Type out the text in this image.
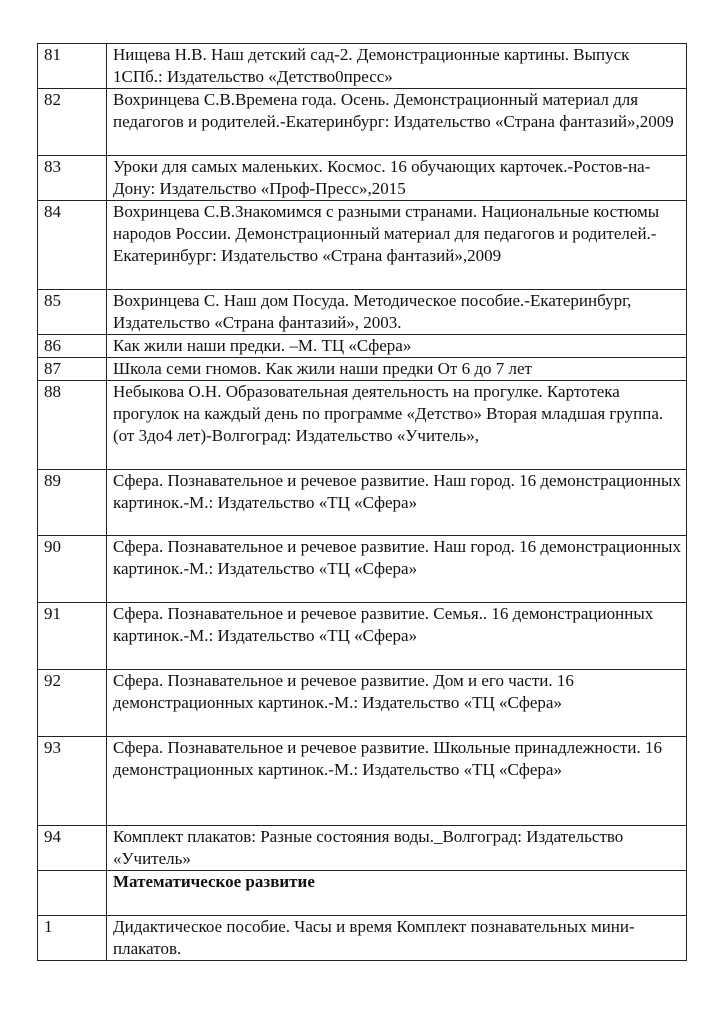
81	Нищева Н.В. Наш детский сад-2. Демонстрационные картины. Выпуск 1СПб.: Издательство «Детство0пресс»
82	Вохринцева С.В.Времена года. Осень. Демонстрационный материал для педагогов и родителей.-Екатеринбург: Издательство «Страна фантазий»,2009
83	Уроки для самых маленьких. Космос. 16 обучающих карточек.-Ростов-на-Дону: Издательство «Проф-Пресс»,2015
84	Вохринцева С.В.Знакомимся с разными странами. Национальные костюмы народов России. Демонстрационный материал для педагогов и родителей.-Екатеринбург: Издательство «Страна фантазий»,2009
85	Вохринцева С. Наш дом Посуда. Методическое пособие.-Екатеринбург, Издательство «Страна фантазий», 2003.
86	Как жили наши предки. –М. ТЦ «Сфера»
87	Школа семи гномов. Как жили наши предки От 6 до 7 лет
88	Небыкова О.Н. Образовательная деятельность на прогулке. Картотека прогулок на каждый день по программе «Детство» Вторая младшая группа.(от 3до4 лет)-Волгоград: Издательство «Учитель»,
89	Сфера. Познавательное и речевое развитие. Наш город. 16 демонстрационных картинок.-М.: Издательство «ТЦ «Сфера»
90	Сфера. Познавательное и речевое развитие. Наш город. 16 демонстрационных картинок.-М.: Издательство «ТЦ «Сфера»
91	Сфера. Познавательное и речевое развитие. Семья.. 16 демонстрационных картинок.-М.: Издательство «ТЦ «Сфера»
92	Сфера. Познавательное и речевое развитие. Дом и его части. 16 демонстрационных картинок.-М.: Издательство «ТЦ «Сфера»
93	Сфера. Познавательное и речевое развитие. Школьные принадлежности. 16 демонстрационных картинок.-М.: Издательство «ТЦ «Сфера»
94	Комплект плакатов: Разные состояния воды._Волгоград: Издательство «Учитель»
	Математическое развитие
1	Дидактическое пособие. Часы и время Комплект познавательных мини-плакатов.
